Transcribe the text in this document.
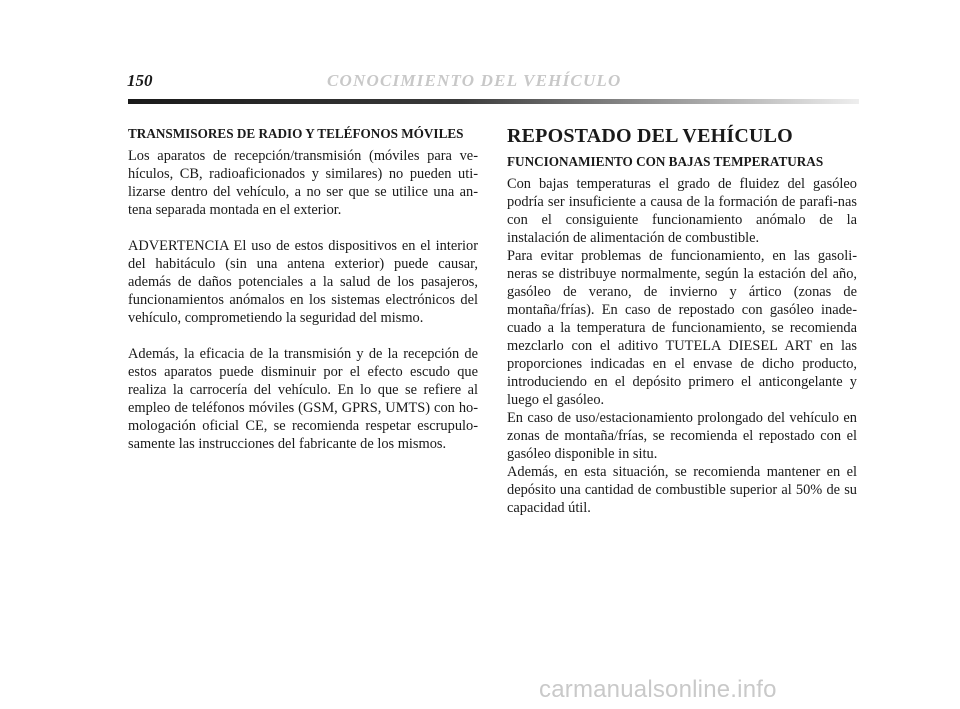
150	CONOCIMIENTO DEL VEHÍCULO
TRANSMISORES DE RADIO Y TELÉFONOS MÓVILES

Los aparatos de recepción/transmisión (móviles para ve-hículos, CB, radioaficionados y similares) no pueden uti-lizarse dentro del vehículo, a no ser que se utilice una an-tena separada montada en el exterior.

ADVERTENCIA El uso de estos dispositivos en el interior del habitáculo (sin una antena exterior) puede causar, además de daños potenciales a la salud de los pasajeros, funcionamientos anómalos en los sistemas electrónicos del vehículo, comprometiendo la seguridad del mismo.

Además, la eficacia de la transmisión y de la recepción de estos aparatos puede disminuir por el efecto escudo que realiza la carrocería del vehículo. En lo que se refiere al empleo de teléfonos móviles (GSM, GPRS, UMTS) con ho-mologación oficial CE, se recomienda respetar escrupulo-samente las instrucciones del fabricante de los mismos.

REPOSTADO DEL VEHÍCULO
FUNCIONAMIENTO CON BAJAS TEMPERATURAS

Con bajas temperaturas el grado de fluidez del gasóleo podría ser insuficiente a causa de la formación de parafi-nas con el consiguiente funcionamiento anómalo de la instalación de alimentación de combustible.

Para evitar problemas de funcionamiento, en las gasoli-neras se distribuye normalmente, según la estación del año, gasóleo de verano, de invierno y ártico (zonas de montaña/frías). En caso de repostado con gasóleo inade-cuado a la temperatura de funcionamiento, se recomienda mezclarlo con el aditivo TUTELA DIESEL ART en las proporciones indicadas en el envase de dicho producto, introduciendo en el depósito primero el anticongelante y luego el gasóleo.

En caso de uso/estacionamiento prolongado del vehículo en zonas de montaña/frías, se recomienda el repostado con el gasóleo disponible in situ.

Además, en esta situación, se recomienda mantener en el depósito una cantidad de combustible superior al 50% de su capacidad útil.

carmanualsonline.info
